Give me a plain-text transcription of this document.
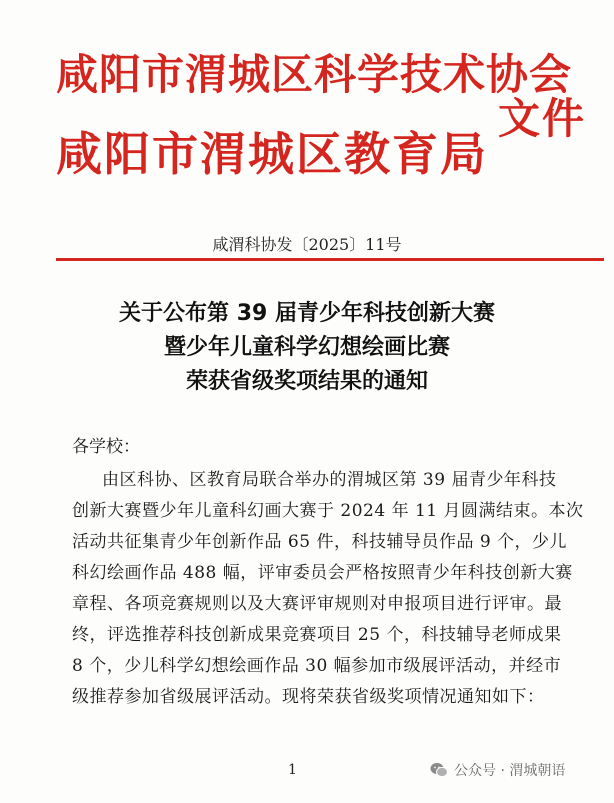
咸阳市渭城区科学技术协会
咸阳市渭城区教育局
文件
咸渭科协发〔2025〕11号
关于公布第 39 届青少年科技创新大赛
暨少年儿童科学幻想绘画比赛
荣获省级奖项结果的通知
各学校：
由区科协、区教育局联合举办的渭城区第 39 届青少年科技
创新大赛暨少年儿童科幻画大赛于 2024 年 11 月圆满结束。本次
活动共征集青少年创新作品 65 件，科技辅导员作品 9 个，少儿
科幻绘画作品 488 幅，评审委员会严格按照青少年科技创新大赛
章程、各项竞赛规则以及大赛评审规则对申报项目进行评审。最
终，评选推荐科技创新成果竞赛项目 25 个，科技辅导老师成果
8 个，少儿科学幻想绘画作品 30 幅参加市级展评活动，并经市
级推荐参加省级展评活动。现将荣获省级奖项情况通知如下：
1	公众号 · 渭城朝语
